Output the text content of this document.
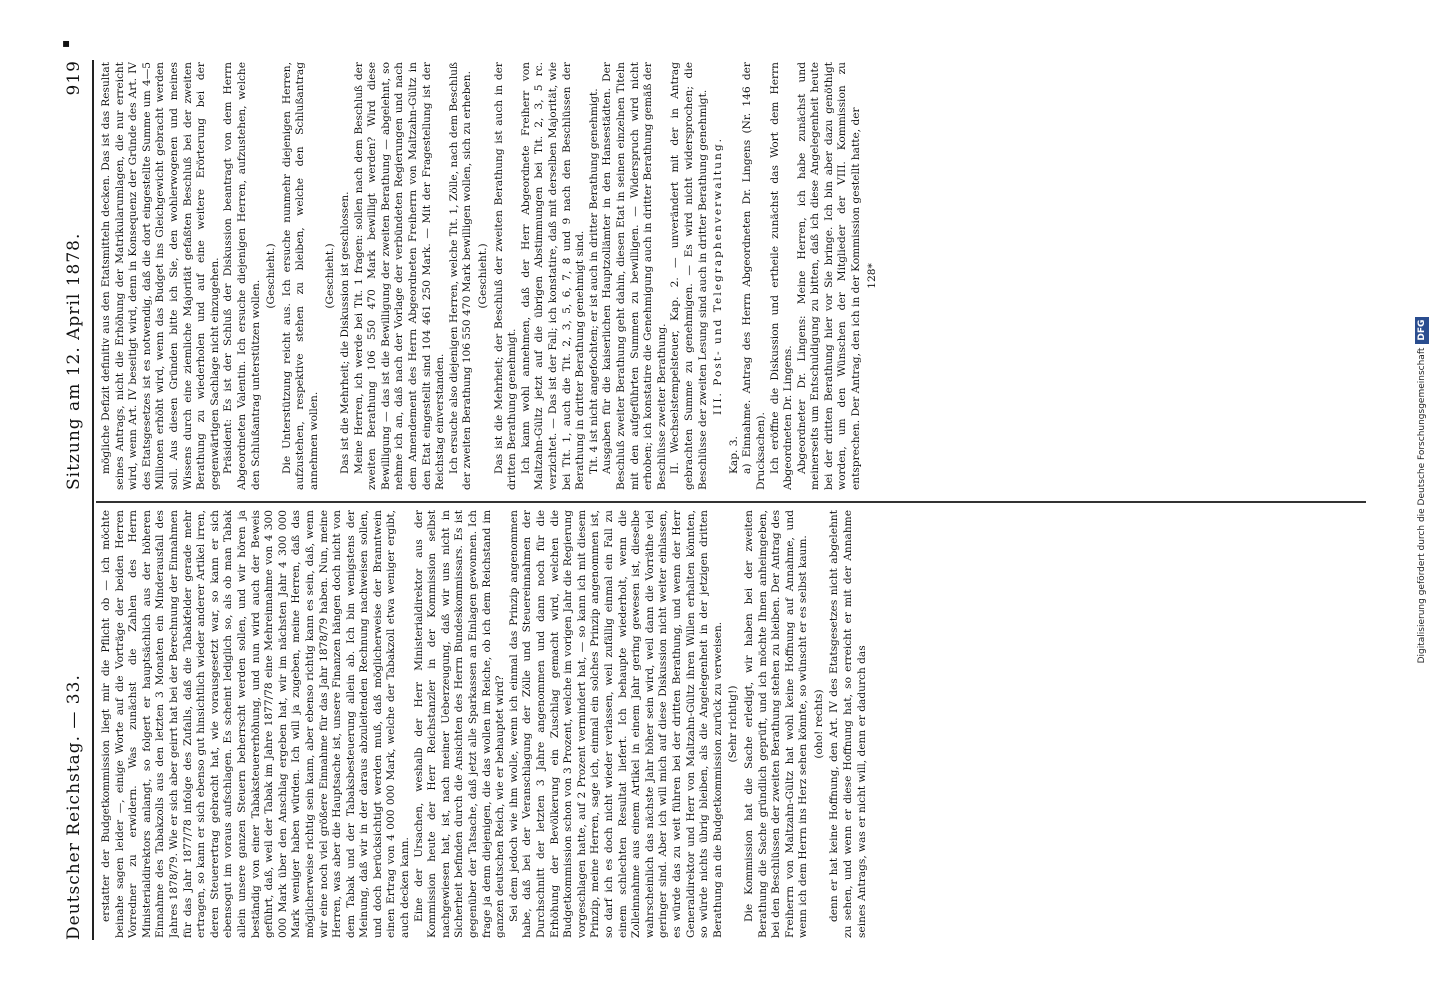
▪
Deutscher Reichstag. — 33.
Sitzung am 12. April 1878.
919

erstatter der Budgetkommission liegt mir die Pflicht ob — ich möchte beinahe sagen leider —, einige Worte auf die Vorträge der beiden Herren Vorredner zu erwidern. Was zunächst die Zahlen des Herrn Ministerialdirektors anlangt, so folgert er hauptsächlich aus der höheren Einnahme des Tabakzolls aus den letzten 3 Monaten ein Minderausfall des Jahres 1878/79. Wie er sich aber geirrt hat bei der Berechnung der Einnahmen für das Jahr 1877/78 infolge des Zufalls, daß die Tabakfelder gerade mehr ertragen, so kann er sich ebenso gut hinsichtlich wieder anderer Artikel irren, deren Steuerertrag gebracht hat, wie vorausgesetzt war, so kann er sich ebensogut im voraus aufschlagen. Es scheint lediglich so, als ob man Tabak allein unsere ganzen Steuern beherrscht werden sollen, und wir hören ja beständig von einer Tabaksteuererhöhung, und nun wird auch der Beweis geführt, daß, weil der Tabak im Jahre 1877/78 eine Mehreinnahme von 4 300 000 Mark über den Anschlag ergeben hat, wir im nächsten Jahr 4 300 000 Mark weniger haben würden. Ich will ja zugeben, meine Herren, daß das möglicherweise richtig sein kann, aber ebenso richtig kann es sein, daß, wenn wir eine noch viel größere Einnahme für das Jahr 1878/79 haben. Nun, meine Herren, was aber die Hauptsache ist, unsere Finanzen hängen doch nicht von dem Tabak und der Tabaksbesteuerung allein ab. Ich bin wenigstens der Meinung, daß wir in der daraus abzuleitenden Rechnung nachweisen sollen, und doch berücksichtigt werden muß, daß möglicherweise der Branntwein einen Ertrag von 4 000 000 Mark, welche der Tabakzoll etwa weniger ergibt, auch decken kann. Eine der Ursachen, weshalb der Herr Ministerialdirektor aus der Kommission heute der Herr Reichstanzler in der Kommission selbst nachgewiesen hat, ist, nach meiner Ueberzeugung, daß wir uns nicht in Sicherheit befinden durch die Ansichten des Herrn Bundeskommissars. Es ist gegenüber der Tatsache, daß jetzt alle Sparkassen an Einlagen gewonnen. Ich frage ja denn diejenigen, die das wollen im Reiche, ob ich dem Reichstand im ganzen deutschen Reich, wie er behauptet wird? Sei dem jedoch wie ihm wolle, wenn ich einmal das Prinzip angenommen habe, daß bei der Veranschlagung der Zölle und Steuereinnahmen der Durchschnitt der letzten 3 Jahre angenommen und dann noch für die Erhöhung der Bevölkerung ein Zuschlag gemacht wird, welchen die Budgetkommission schon von 3 Prozent, welche im vorigen Jahr die Regierung vorgeschlagen hatte, auf 2 Prozent vermindert hat, — so kann ich mit diesem Prinzip, meine Herren, sage ich, einmal ein solches Prinzip angenommen ist, so darf ich es doch nicht wieder verlassen, weil zufällig einmal ein Fall zu einem schlechten Resultat liefert. Ich behaupte wiederholt, wenn die Zolleinnahme aus einem Artikel in einem Jahr gering gewesen ist, dieselbe wahrscheinlich das nächste Jahr höher sein wird, weil dann die Vorräthe viel geringer sind. Aber ich will mich auf diese Diskussion nicht weiter einlassen, es würde das zu weit führen bei der dritten Berathung, und wenn der Herr Generaldirektor und Herr von Maltzahn-Gültz ihren Willen erhalten könnten, so würde nichts übrig bleiben, als die Angelegenheit in der jetzigen dritten Berathung an die Budgetkommission zurück zu verweisen. (Sehr richtig!) Die Kommission hat die Sache erledigt, wir haben bei der zweiten Berathung die Sache gründlich geprüft, und ich möchte Ihnen anheimgeben, bei den Beschlüssen der zweiten Berathung stehen zu bleiben. Der Antrag des Freiherrn von Maltzahn-Gültz hat wohl keine Hoffnung auf Annahme, und wenn ich dem Herrn ins Herz sehen könnte, so wünscht er es selbst kaum. (oho! rechts) denn er hat keine Hoffnung, den Art. IV des Etatsgesetzes nicht abgelehnt zu sehen, und wenn er diese Hoffnung hat, so erreicht er mit der Annahme seines Antrags, was er nicht will, denn er dadurch das

mögliche Defizit definitiv aus den Etatsmitteln decken. Das ist das Resultat seines Antrags, nicht die Erhöhung der Matrikularumlagen, die nur erreicht wird, wenn Art. IV beseitigt wird, denn in Konsequenz der Gründe des Art. IV des Etatsgesetzes ist es notwendig, daß die dort eingestellte Summe um 4—5 Millionen erhöht wird, wenn das Budget ins Gleichgewicht gebracht werden soll. Aus diesen Gründen bitte ich Sie, den wohlerwogenen und meines Wissens durch eine ziemliche Majorität gefaßten Beschluß bei der zweiten Berathung zu wiederholen und auf eine weitere Erörterung bei der gegenwärtigen Sachlage nicht einzugehen. Präsident: Es ist der Schluß der Diskussion beantragt von dem Herrn Abgeordneten Valentin. Ich ersuche diejenigen Herren, aufzustehen, welche den Schlußantrag unterstützen wollen.

(Geschieht.) Die Unterstützung reicht aus. Ich ersuche nunmehr diejenigen Herren, aufzustehen, respektive stehen zu bleiben, welche den Schlußantrag annehmen wollen.

(Geschieht.) Das ist die Mehrheit; die Diskussion ist geschlossen. Meine Herren, ich werde bei Tit. 1 fragen: sollen nach dem Beschluß der zweiten Berathung 106 550 470 Mark bewilligt werden? Wird diese Bewilligung — das ist die Bewilligung der zweiten Berathung — abgelehnt, so nehme ich an, daß nach der Vorlage der verbündeten Regierungen und nach dem Amendement des Herrn Abgeordneten Freiherrn von Maltzahn-Gültz in den Etat eingestellt sind 104 461 250 Mark. — Mit der Fragestellung ist der Reichstag einverstanden. Ich ersuche also diejenigen Herren, welche Tit. 1, Zölle, nach dem Beschluß der zweiten Berathung 106 550 470 Mark bewilligen wollen, sich zu erheben. (Geschieht.) Das ist die Mehrheit; der Beschluß der zweiten Berathung ist auch in der dritten Berathung genehmigt. Ich kann wohl annehmen, daß der Herr Abgeordnete Freiherr von Maltzahn-Gültz jetzt auf die übrigen Abstimmungen bei Tit. 2, 3, 5 rc. verzichtet. — Das ist der Fall; ich konstatire, daß mit derselben Majorität, wie bei Tit. 1, auch die Tit. 2, 3, 5, 6, 7, 8 und 9 nach den Beschlüssen der Berathung in dritter Berathung genehmigt sind. Tit. 4 ist nicht angefochten; er ist auch in dritter Berathung genehmigt. Ausgaben für die kaiserlichen Hauptzollämter in den Hansestädten. Der Beschluß zweiter Berathung geht dahin, diesen Etat in seinen einzelnen Titeln mit den aufgeführten Summen zu bewilligen. — Widerspruch wird nicht erhoben; ich konstatire die Genehmigung auch in dritter Berathung gemäß der Beschlüsse zweiter Berathung. II. Wechselstempelsteuer, Kap. 2. — unverändert mit der in Antrag gebrachten Summe zu genehmigen. — Es wird nicht widersprochen; die Beschlüsse der zweiten Lesung sind auch in dritter Berathung genehmigt. III. Post- und Telegraphenverwaltung.

Kap. 3. a) Einnahme. Antrag des Herrn Abgeordneten Dr. Lingens (Nr. 146 der Drucksachen). Ich eröffne die Diskussion und ertheile zunächst das Wort dem Herrn Abgeordneten Dr. Lingens. Abgeordneter Dr. Lingens: Meine Herren, ich habe zunächst und meinerseits um Entschuldigung zu bitten, daß ich diese Angelegenheit heute bei der dritten Berathung hier vor Sie bringe. Ich bin aber dazu genöthigt worden, um den Wünschen der Mitglieder der VIII. Kommission zu entsprechen. Der Antrag, den ich in der Kommission gestellt hatte, der 128*

Digitalisierung gefördert durch die Deutsche ForschungsgemeinschaftDFG
